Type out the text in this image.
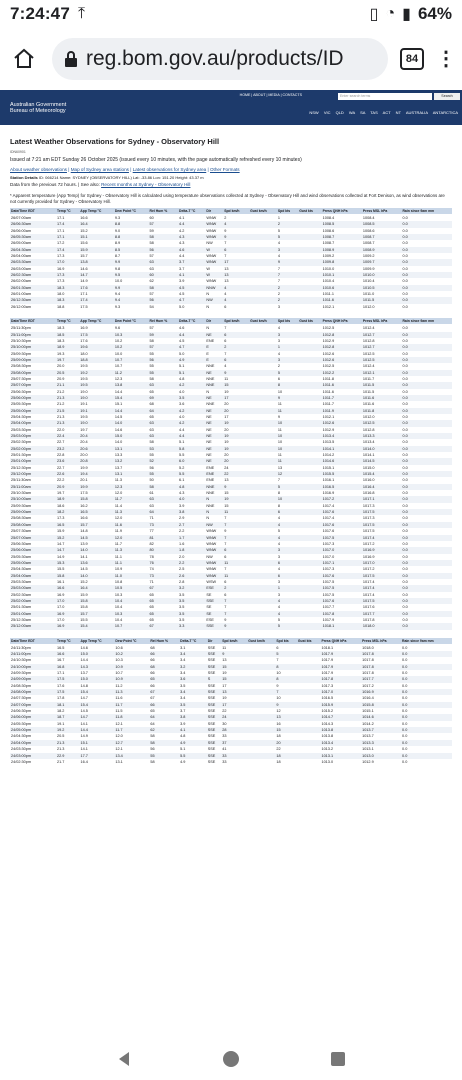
7:24:47 ⤒	▯ ◔ ▮ 64%
reg.bom.gov.au/products/ID	84 ⋮
Australian Government
Bureau of Meteorology
HOME | ABOUT | MEDIA | CONTACTS	Enter search terms	Search
NSW VIC QLD WA SA TAS ACT NT AUSTRALIA ANTARCTICA
Latest Weather Observations for Sydney - Observatory Hill
IDN60901
Issued at 7:21 am EDT Sunday 26 October 2025 (issued every 10 minutes, with the page automatically refreshed every 10 minutes)
About weather observations | Map of Sydney area stations | Latest observations for Sydney area | Other Formats
Station Details ID: 066214 Name: SYDNEY (OBSERVATORY HILL) Lat: -33.86 Lon: 151.20 Height: 43.37 m
Data from the previous 72 hours. | See also: Recent months at Sydney - Observatory Hill
* Apparent temperature (App Temp) for Sydney - Observatory Hill is calculated using temperature observations collected at Sydney - Observatory Hill and wind observations collected at Fort Denison, as wind observations are not currently provided for Sydney - Observatory Hill.
Date/Time EDT	Temp °C	App Temp °C	Dew Point °C	Rel Hum %	Delta-T °C	Dir	Spd km/h	Gust km/h	Spd kts	Gust kts	Press QNH hPa	Press MSL hPa	Rain since 9am mm
26/07:00am	17.1	16.6	9.3	60	4.1	WNW	2		1		1008.4	1008.4	0.0
26/06:30am	17.4	16.4	8.8	57	4.4	WNW	4		2		1008.5	1008.5	0.0
26/06:00am	17.1	15.2	9.0	59	4.2	WNW	9		5		1008.6	1008.6	0.0
26/05:30am	17.1	15.1	8.8	58	4.3	WNW	9		5		1008.7	1008.7	0.0
26/05:00am	17.2	15.6	8.9	58	4.3	NW	7		4		1008.7	1008.7	0.0
26/04:30am	17.4	15.9	8.5	56	4.6	W	6		3		1008.9	1008.9	0.0
26/04:00am	17.3	15.7	8.7	57	4.4	WNW	7		4		1009.2	1009.2	0.0
26/03:30am	17.0	13.8	9.9	63	3.7	WNW	17		9		1009.8	1009.7	0.0
26/03:00am	16.9	14.6	9.8	63	3.7	W	13		7		1010.0	1009.9	0.0
26/02:30am	17.3	14.7	9.5	60	4.1	W	13		7		1010.1	1010.0	0.0
26/02:00am	17.3	14.9	10.0	62	3.9	WNW	13		7		1010.4	1010.4	0.0
26/01:30am	18.3	17.6	9.9	58	4.5	NNW	4		2		1010.6	1010.5	0.0
26/01:00am	18.0	17.1	9.4	57	4.5	N	4		2		1011.1	1011.0	0.0
26/12:30am	18.3	17.4	9.4	56	4.7	NW	4		2		1011.6	1011.5	0.0
26/12:00am	18.8	17.5	9.3	54	5.0	N	6		3		1012.1	1012.0	0.0
Date/Time EDT	Temp °C	App Temp °C	Dew Point °C	Rel Hum %	Delta-T °C	Dir	Spd km/h	Gust km/h	Spd kts	Gust kts	Press QNH hPa	Press MSL hPa	Rain since 9am mm
25/11:30pm	18.3	16.9	9.6	57	4.6	N	7		4		1012.5	1012.4	0.0
25/11:00pm	18.5	17.5	10.3	59	4.4	NE	6		3		1012.8	1012.7	0.0
25/10:30pm	18.3	17.6	10.2	58	4.5	ENE	6		3		1012.9	1012.8	0.0
25/10:00pm	18.9	19.6	10.2	57	4.7	E	2		1		1012.8	1012.7	0.0
25/09:30pm	19.3	18.0	10.0	55	5.0	E	7		4		1012.6	1012.5	0.0
25/09:00pm	19.7	18.8	10.7	56	4.9	E	6		3		1012.6	1012.5	0.0
25/08:30pm	20.0	19.5	10.7	55	5.1	NNE	4		2		1012.5	1012.4	0.0
25/08:00pm	20.5	19.2	11.2	55	5.1	NE	9		5		1012.2	1012.1	0.0
25/07:30pm	20.9	19.5	12.3	58	4.8	NNE	11		6		1011.8	1011.7	0.0
25/07:00pm	21.1	19.5	13.8	63	4.2	NNE	15		8		1011.6	1011.5	0.0
25/06:30pm	21.2	19.0	14.4	65	4.0	N	19		10		1011.6	1011.5	0.0
25/06:00pm	21.3	19.0	15.4	69	3.5	NE	17		9		1011.7	1011.6	0.0
25/05:30pm	21.2	19.1	15.1	68	3.6	NNE	20		11		1011.7	1011.6	0.0
25/05:00pm	21.5	19.1	14.4	64	4.2	NE	20		11		1011.9	1011.8	0.0
25/04:30pm	21.3	19.5	14.5	65	4.0	NE	17		9		1012.1	1012.0	0.0
25/04:00pm	21.3	19.0	14.0	63	4.2	NE	19		10		1012.6	1012.5	0.0
25/03:30pm	22.0	19.7	14.6	63	4.4	NE	20		11		1012.9	1012.8	0.0
25/03:00pm	22.4	20.4	15.0	63	4.4	NE	19		10		1013.4	1013.3	0.0
25/02:30pm	22.7	20.4	14.0	58	5.1	NE	19		10		1013.5	1013.4	0.0
25/02:00pm	23.2	20.6	13.1	53	5.8	NE	19		10		1014.1	1014.0	0.0
25/01:30pm	22.8	20.0	13.3	55	5.5	NE	20		11		1014.2	1014.1	0.0
25/01:00pm	23.6	20.8	13.2	52	6.0	NE	20		11		1014.6	1014.5	0.0
25/12:30pm	22.7	19.9	13.7	56	5.2	ENE	24		13		1015.1	1015.0	0.0
25/12:00pm	22.6	19.4	13.1	55	5.5	ENE	22		12		1015.5	1015.4	0.0
25/11:30am	22.2	20.1	11.3	50	6.1	ENE	13		7		1016.1	1016.0	0.0
25/11:00am	20.9	19.9	12.3	58	4.8	NNE	9		5		1016.5	1016.4	0.0
25/10:30am	19.7	17.5	12.0	61	4.3	NNE	15		8		1016.9	1016.8	0.0
25/10:00am	18.9	15.8	11.7	63	4.0	N	19		10		1017.2	1017.1	0.0
25/09:30am	18.6	16.2	11.4	63	3.9	NNE	15		8		1017.4	1017.3	0.0
25/09:00am	18.2	16.5	11.3	64	3.8	N	11		6		1017.6	1017.5	0.0
25/08:30am	17.3	16.6	12.0	71	2.9	N	7		4		1017.4	1017.3	0.0
25/08:00am	16.5	15.7	11.6	73	2.7	NW	7		4		1017.6	1017.5	0.0
25/07:30am	15.9	14.8	11.9	77	2.2	WNW	9		5		1017.6	1017.5	0.0
25/07:00am	15.2	14.5	12.0	81	1.7	WNW	7		4		1017.5	1017.4	0.0
25/06:30am	14.7	13.9	11.7	82	1.6	WNW	7		4		1017.3	1017.2	0.0
25/06:00am	14.7	14.0	11.3	80	1.8	WNW	6		3		1017.0	1016.9	0.0
25/05:30am	14.9	14.1	11.1	78	2.0	NW	6		3		1017.0	1016.9	0.0
25/05:00am	15.3	13.6	11.1	76	2.2	WNW	11		6		1017.1	1017.0	0.0
25/04:30am	15.5	14.5	10.9	74	2.5	WNW	7		4		1017.3	1017.2	0.0
25/04:00am	15.8	14.0	11.0	73	2.6	WNW	11		6		1017.6	1017.5	0.0
25/03:30am	16.1	15.2	10.8	71	2.8	WSW	6		3		1017.5	1017.4	0.0
25/03:00am	16.6	16.4	10.5	67	3.2	ESE	2		1		1017.5	1017.4	0.0
25/02:30am	16.9	15.9	10.3	65	3.5	SE	6		3		1017.5	1017.4	0.0
25/02:00am	17.0	15.8	10.4	65	3.5	SSE	7		4		1017.6	1017.5	0.0
25/01:30am	17.0	15.8	10.4	65	3.5	SE	7		4		1017.7	1017.6	0.0
25/01:00am	16.9	15.7	10.3	65	3.5	SE	7		4		1017.8	1017.7	0.0
25/12:30am	17.0	15.5	10.4	65	3.5	ESE	9		5		1017.9	1017.8	0.0
25/12:00am	16.9	15.4	10.7	67	3.3	SSE	9		5		1018.1	1018.0	0.0
Date/Time EDT	Temp °C	App Temp °C	Dew Point °C	Rel Hum %	Delta-T °C	Dir	Spd km/h	Gust km/h	Spd kts	Gust kts	Press QNH hPa	Press MSL hPa	Rain since 9am mm
24/11:30pm	16.5	14.6	10.6	68	3.1	SSE	11		6		1018.1	1018.0	0.0
24/11:00pm	16.6	15.0	10.2	66	3.4	SSE	9		5		1017.9	1017.8	0.0
24/10:30pm	16.7	14.4	10.3	66	3.4	SSE	13		7		1017.9	1017.8	0.0
24/10:00pm	16.8	14.3	10.9	68	3.2	SSE	15		8		1017.9	1017.8	0.0
24/09:30pm	17.1	13.7	10.7	66	3.4	SSE	19		10		1017.9	1017.8	0.0
24/09:00pm	17.5	15.0	10.9	65	3.6	S	15		8		1017.8	1017.7	0.0
24/08:30pm	17.6	14.8	11.2	66	3.5	SSE	17		9		1017.3	1017.2	0.0
24/08:00pm	17.5	15.4	11.3	67	3.4	SSE	13		7		1017.0	1016.9	0.0
24/07:30pm	17.8	14.7	11.6	67	3.4	SSE	19		10		1016.5	1016.4	0.0
24/07:00pm	18.1	15.4	11.7	66	3.5	SSE	17		9		1015.9	1015.8	0.0
24/06:30pm	18.2	14.5	11.5	65	3.7	SSE	22		12		1015.2	1015.1	0.0
24/06:00pm	18.7	14.7	11.8	64	3.8	SSE	24		13		1014.7	1014.6	0.0
24/05:30pm	19.1	14.1	12.1	64	3.9	SSE	30		16		1014.3	1014.2	0.0
24/05:00pm	19.2	14.4	11.7	62	4.1	SSE	28		15		1013.8	1013.7	0.0
24/04:30pm	20.5	14.9	12.0	58	4.8	SSE	33		18		1013.8	1013.7	0.0
24/04:00pm	21.3	15.1	12.7	58	4.9	SSE	37		20		1013.4	1013.3	0.0
24/03:30pm	21.3	14.1	12.1	56	5.1	SSE	41		22		1013.2	1013.1	0.0
24/03:00pm	22.9	17.7	13.4	55	5.5	SSE	33		18		1013.1	1013.0	0.0
24/02:30pm	21.7	16.4	13.1	58	4.9	SSE	33		18		1013.0	1012.9	0.0
